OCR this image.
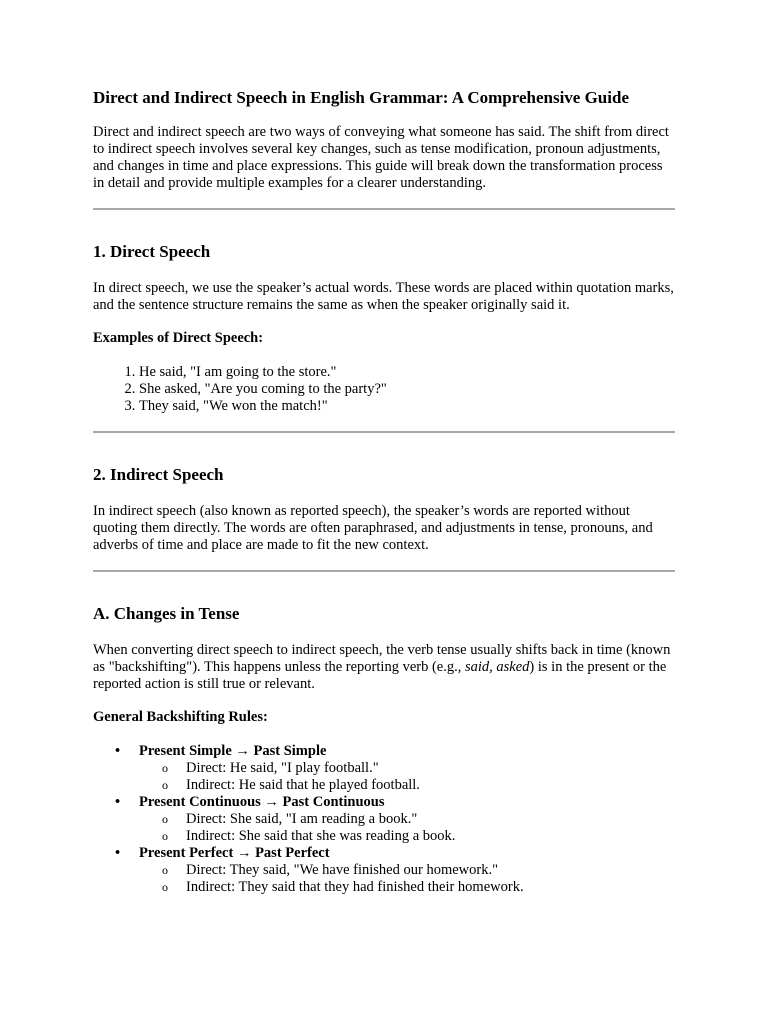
Direct and Indirect Speech in English Grammar: A Comprehensive Guide

Direct and indirect speech are two ways of conveying what someone has said. The shift from direct to indirect speech involves several key changes, such as tense modification, pronoun adjustments, and changes in time and place expressions. This guide will break down the transformation process in detail and provide multiple examples for a clearer understanding.

1. Direct Speech

In direct speech, we use the speaker’s actual words. These words are placed within quotation marks, and the sentence structure remains the same as when the speaker originally said it.

Examples of Direct Speech:

1. He said, "I am going to the store."
2. She asked, "Are you coming to the party?"
3. They said, "We won the match!"
2. Indirect Speech

In indirect speech (also known as reported speech), the speaker’s words are reported without quoting them directly. The words are often paraphrased, and adjustments in tense, pronouns, and adverbs of time and place are made to fit the new context.

A. Changes in Tense

When converting direct speech to indirect speech, the verb tense usually shifts back in time (known as "backshifting"). This happens unless the reporting verb (e.g., said, asked) is in the present or the reported action is still true or relevant.

General Backshifting Rules:

• Present Simple → Past Simple
o Direct: He said, "I play football."
o Indirect: He said that he played football.
• Present Continuous → Past Continuous
o Direct: She said, "I am reading a book."
o Indirect: She said that she was reading a book.
• Present Perfect → Past Perfect
o Direct: They said, "We have finished our homework."
o Indirect: They said that they had finished their homework.
